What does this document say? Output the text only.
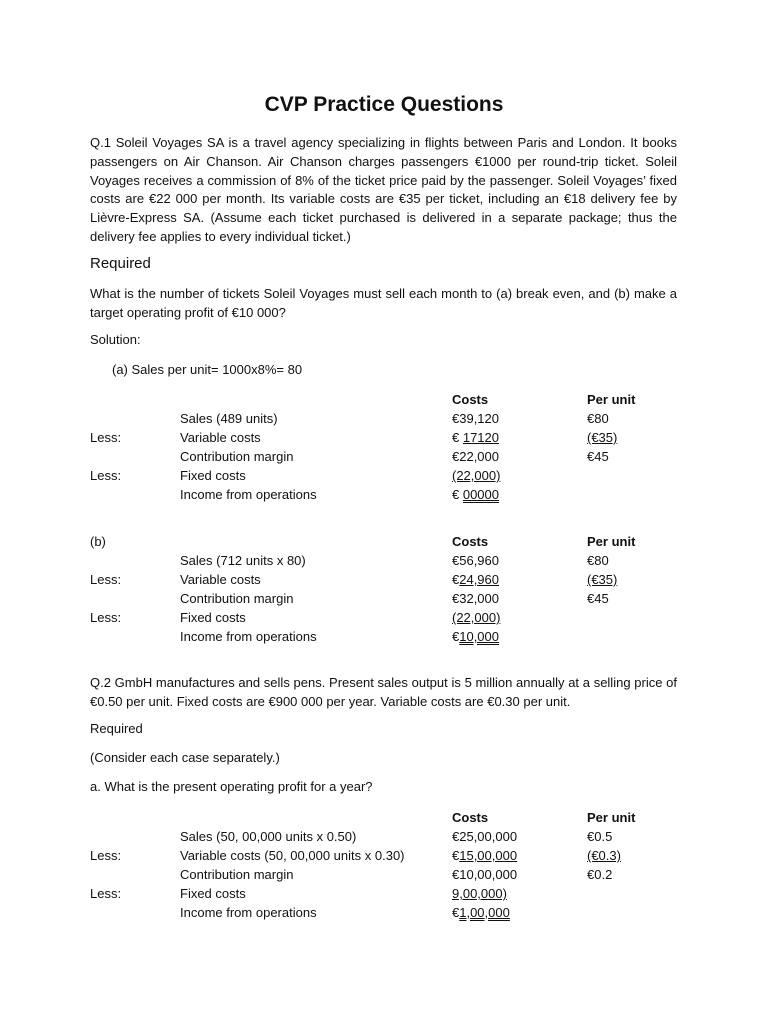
CVP Practice Questions

Q.1 Soleil Voyages SA is a travel agency specializing in flights between Paris and London. It books passengers on Air Chanson. Air Chanson charges passengers €1000 per round-trip ticket. Soleil Voyages receives a commission of 8% of the ticket price paid by the passenger. Soleil Voyages’ fixed costs are €22 000 per month. Its variable costs are €35 per ticket, including an €18 delivery fee by Lièvre-Express SA. (Assume each ticket purchased is delivered in a separate package; thus the delivery fee applies to every individual ticket.)

Required

What is the number of tickets Soleil Voyages must sell each month to (a) break even, and (b) make a target operating profit of €10 000?

Solution:

(a) Sales per unit= 1000x8%= 80

Costs	Per unit
Sales (489 units)	€39,120	€80
Less:	Variable costs	€ 17120	(€35)
Contribution margin	€22,000	€45
Less:	Fixed costs	(22,000)
Income from operations	€ 00000
(b)	Costs	Per unit
Sales (712 units x 80)	€56,960	€80
Less:	Variable costs	€24,960	(€35)
Contribution margin	€32,000	€45
Less:	Fixed costs	(22,000)
Income from operations	€10,000

Q.2 GmbH manufactures and sells pens. Present sales output is 5 million annually at a selling price of €0.50 per unit. Fixed costs are €900 000 per year. Variable costs are €0.30 per unit.

Required

(Consider each case separately.)

a. What is the present operating profit for a year?

Costs	Per unit
Sales (50, 00,000 units x 0.50)	€25,00,000	€0.5
Less:	Variable costs (50, 00,000 units x 0.30)	€15,00,000	(€0.3)
Contribution margin	€10,00,000	€0.2
Less:	Fixed costs	9,00,000)
Income from operations	€1,00,000
